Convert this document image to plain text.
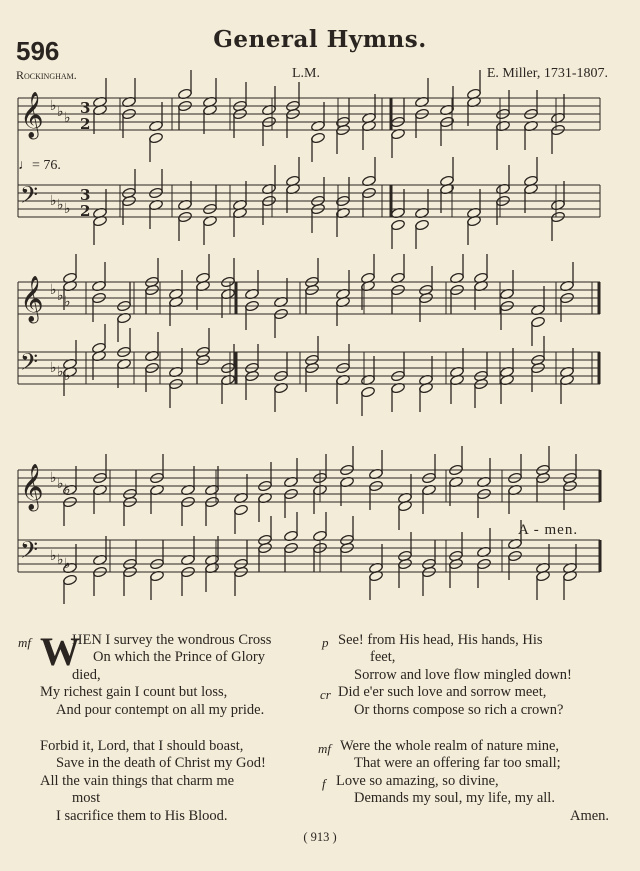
596	General Hymns.
Rockingham.	L.M.	E. Miller, 1731-1807.
𝄞 ♭ ♭ ♭
3
2
𝄢 ♭ ♭ ♭
3
2
𝄞 ♭ ♭ ♭
𝄢 ♭ ♭ ♭
𝄞 ♭ ♭ ♭
𝄢 ♭ ♭ ♭
♩= 76.
A - men.
mf W
HEN I survey the wondrous Cross
On which the Prince of Glory
died,
My richest gain I count but loss,
And pour contempt on all my pride.
Forbid it, Lord, that I should boast,
Save in the death of Christ my God!
All the vain things that charm me
most
I sacrifice them to His Blood.
p See! from His head, His hands, His
feet,
Sorrow and love flow mingled down!
cr Did e'er such love and sorrow meet,
Or thorns compose so rich a crown?
mf Were the whole realm of nature mine,
That were an offering far too small;
f Love so amazing, so divine,
Demands my soul, my life, my all.
Amen.
( 913 )
